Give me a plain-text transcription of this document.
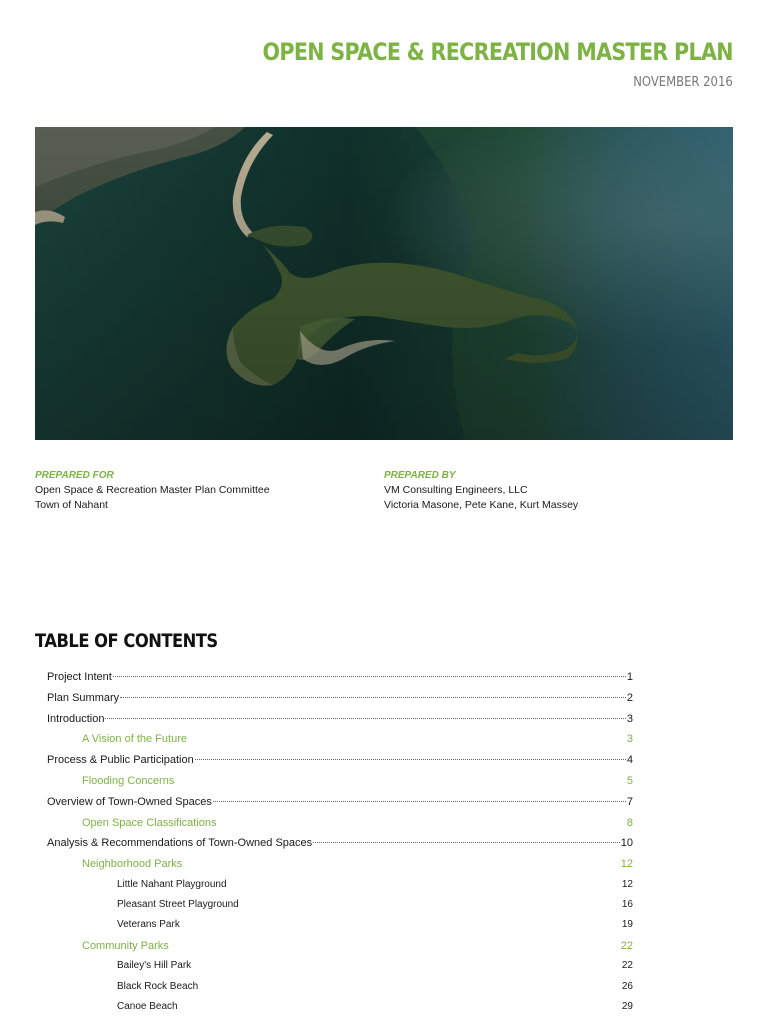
OPEN SPACE & RECREATION MASTER PLAN
NOVEMBER 2016
PREPARED FOR
Open Space & Recreation Master Plan Committee
Town of Nahant
PREPARED BY
VM Consulting Engineers, LLC
Victoria Masone, Pete Kane, Kurt Massey
TABLE OF CONTENTS
Project Intent	1
Plan Summary	2
Introduction	3
A Vision of the Future	3
Process & Public Participation	4
Flooding Concerns	5
Overview of Town-Owned Spaces	7
Open Space Classifications	8
Analysis & Recommendations of Town-Owned Spaces	10
Neighborhood Parks	12
Little Nahant Playground	12
Pleasant Street Playground	16
Veterans Park	19
Community Parks	22
Bailey's Hill Park	22
Black Rock Beach	26
Canoe Beach	29
